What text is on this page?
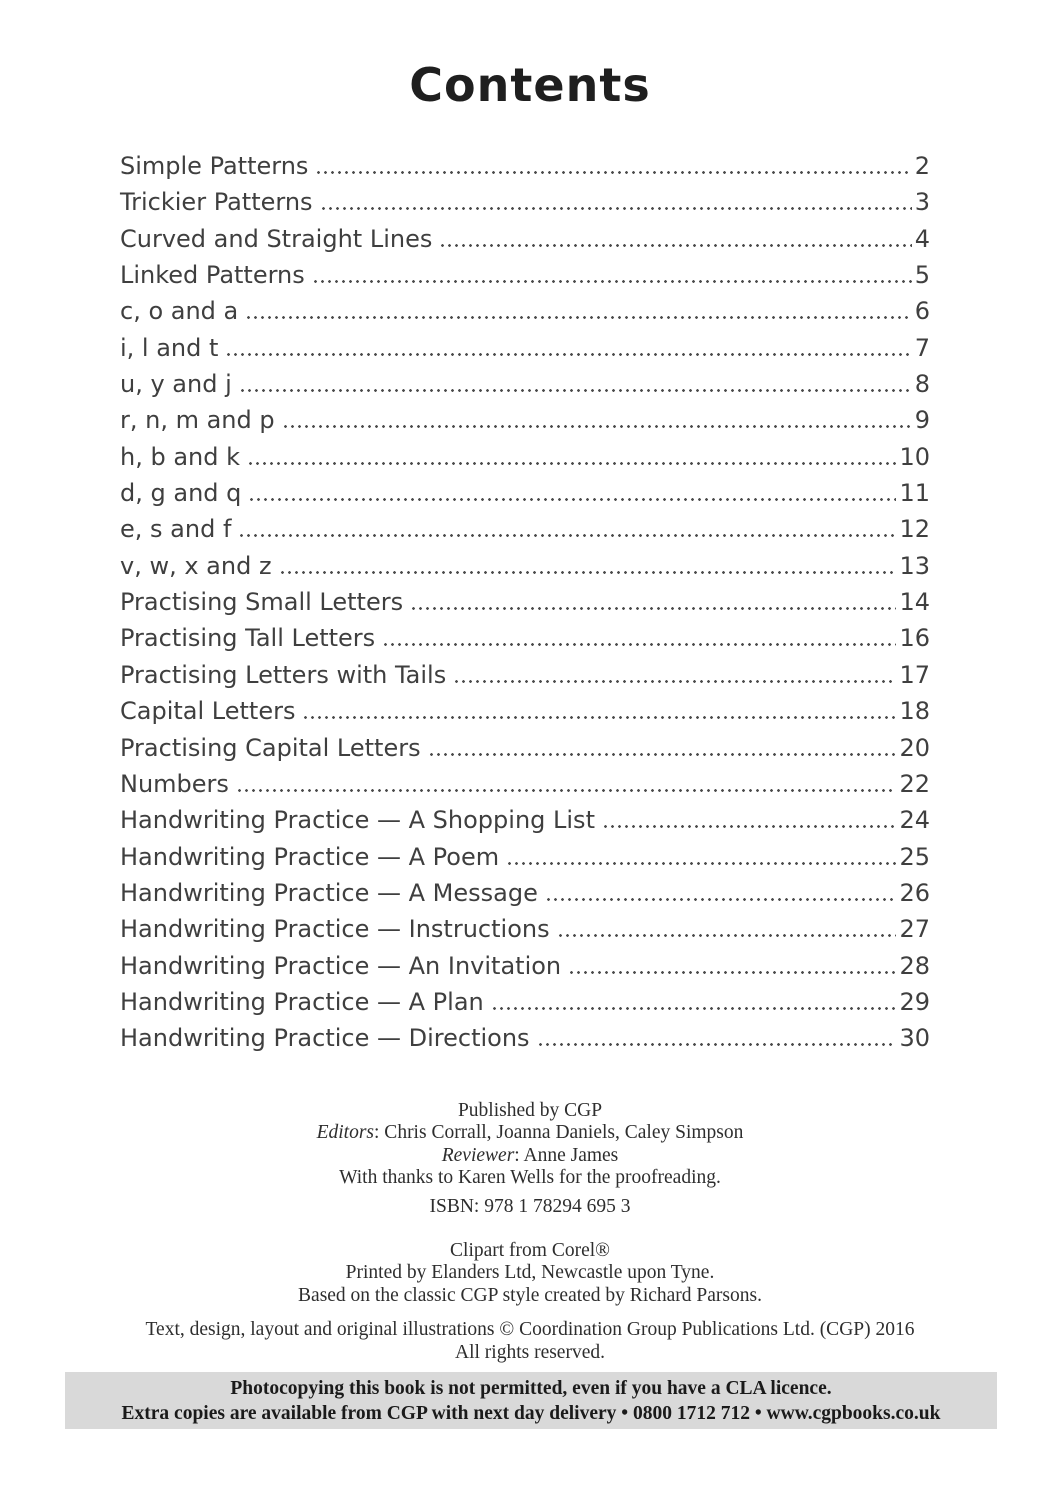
Contents
Simple Patterns	2
Trickier Patterns	3
Curved and Straight Lines	4
Linked Patterns	5
c, o and a	6
i, l and t	7
u, y and j	8
r, n, m and p	9
h, b and k	10
d, g and q	11
e, s and f	12
v, w, x and z	13
Practising Small Letters	14
Practising Tall Letters	16
Practising Letters with Tails	17
Capital Letters	18
Practising Capital Letters	20
Numbers	22
Handwriting Practice — A Shopping List	24
Handwriting Practice — A Poem	25
Handwriting Practice — A Message	26
Handwriting Practice — Instructions	27
Handwriting Practice — An Invitation	28
Handwriting Practice — A Plan	29
Handwriting Practice — Directions	30
Published by CGP
Editors: Chris Corrall, Joanna Daniels, Caley Simpson
Reviewer: Anne James
With thanks to Karen Wells for the proofreading.
ISBN: 978 1 78294 695 3
Clipart from Corel®
Printed by Elanders Ltd, Newcastle upon Tyne.
Based on the classic CGP style created by Richard Parsons.
Text, design, layout and original illustrations © Coordination Group Publications Ltd. (CGP) 2016
All rights reserved.
Photocopying this book is not permitted, even if you have a CLA licence.
Extra copies are available from CGP with next day delivery • 0800 1712 712 • www.cgpbooks.co.uk
